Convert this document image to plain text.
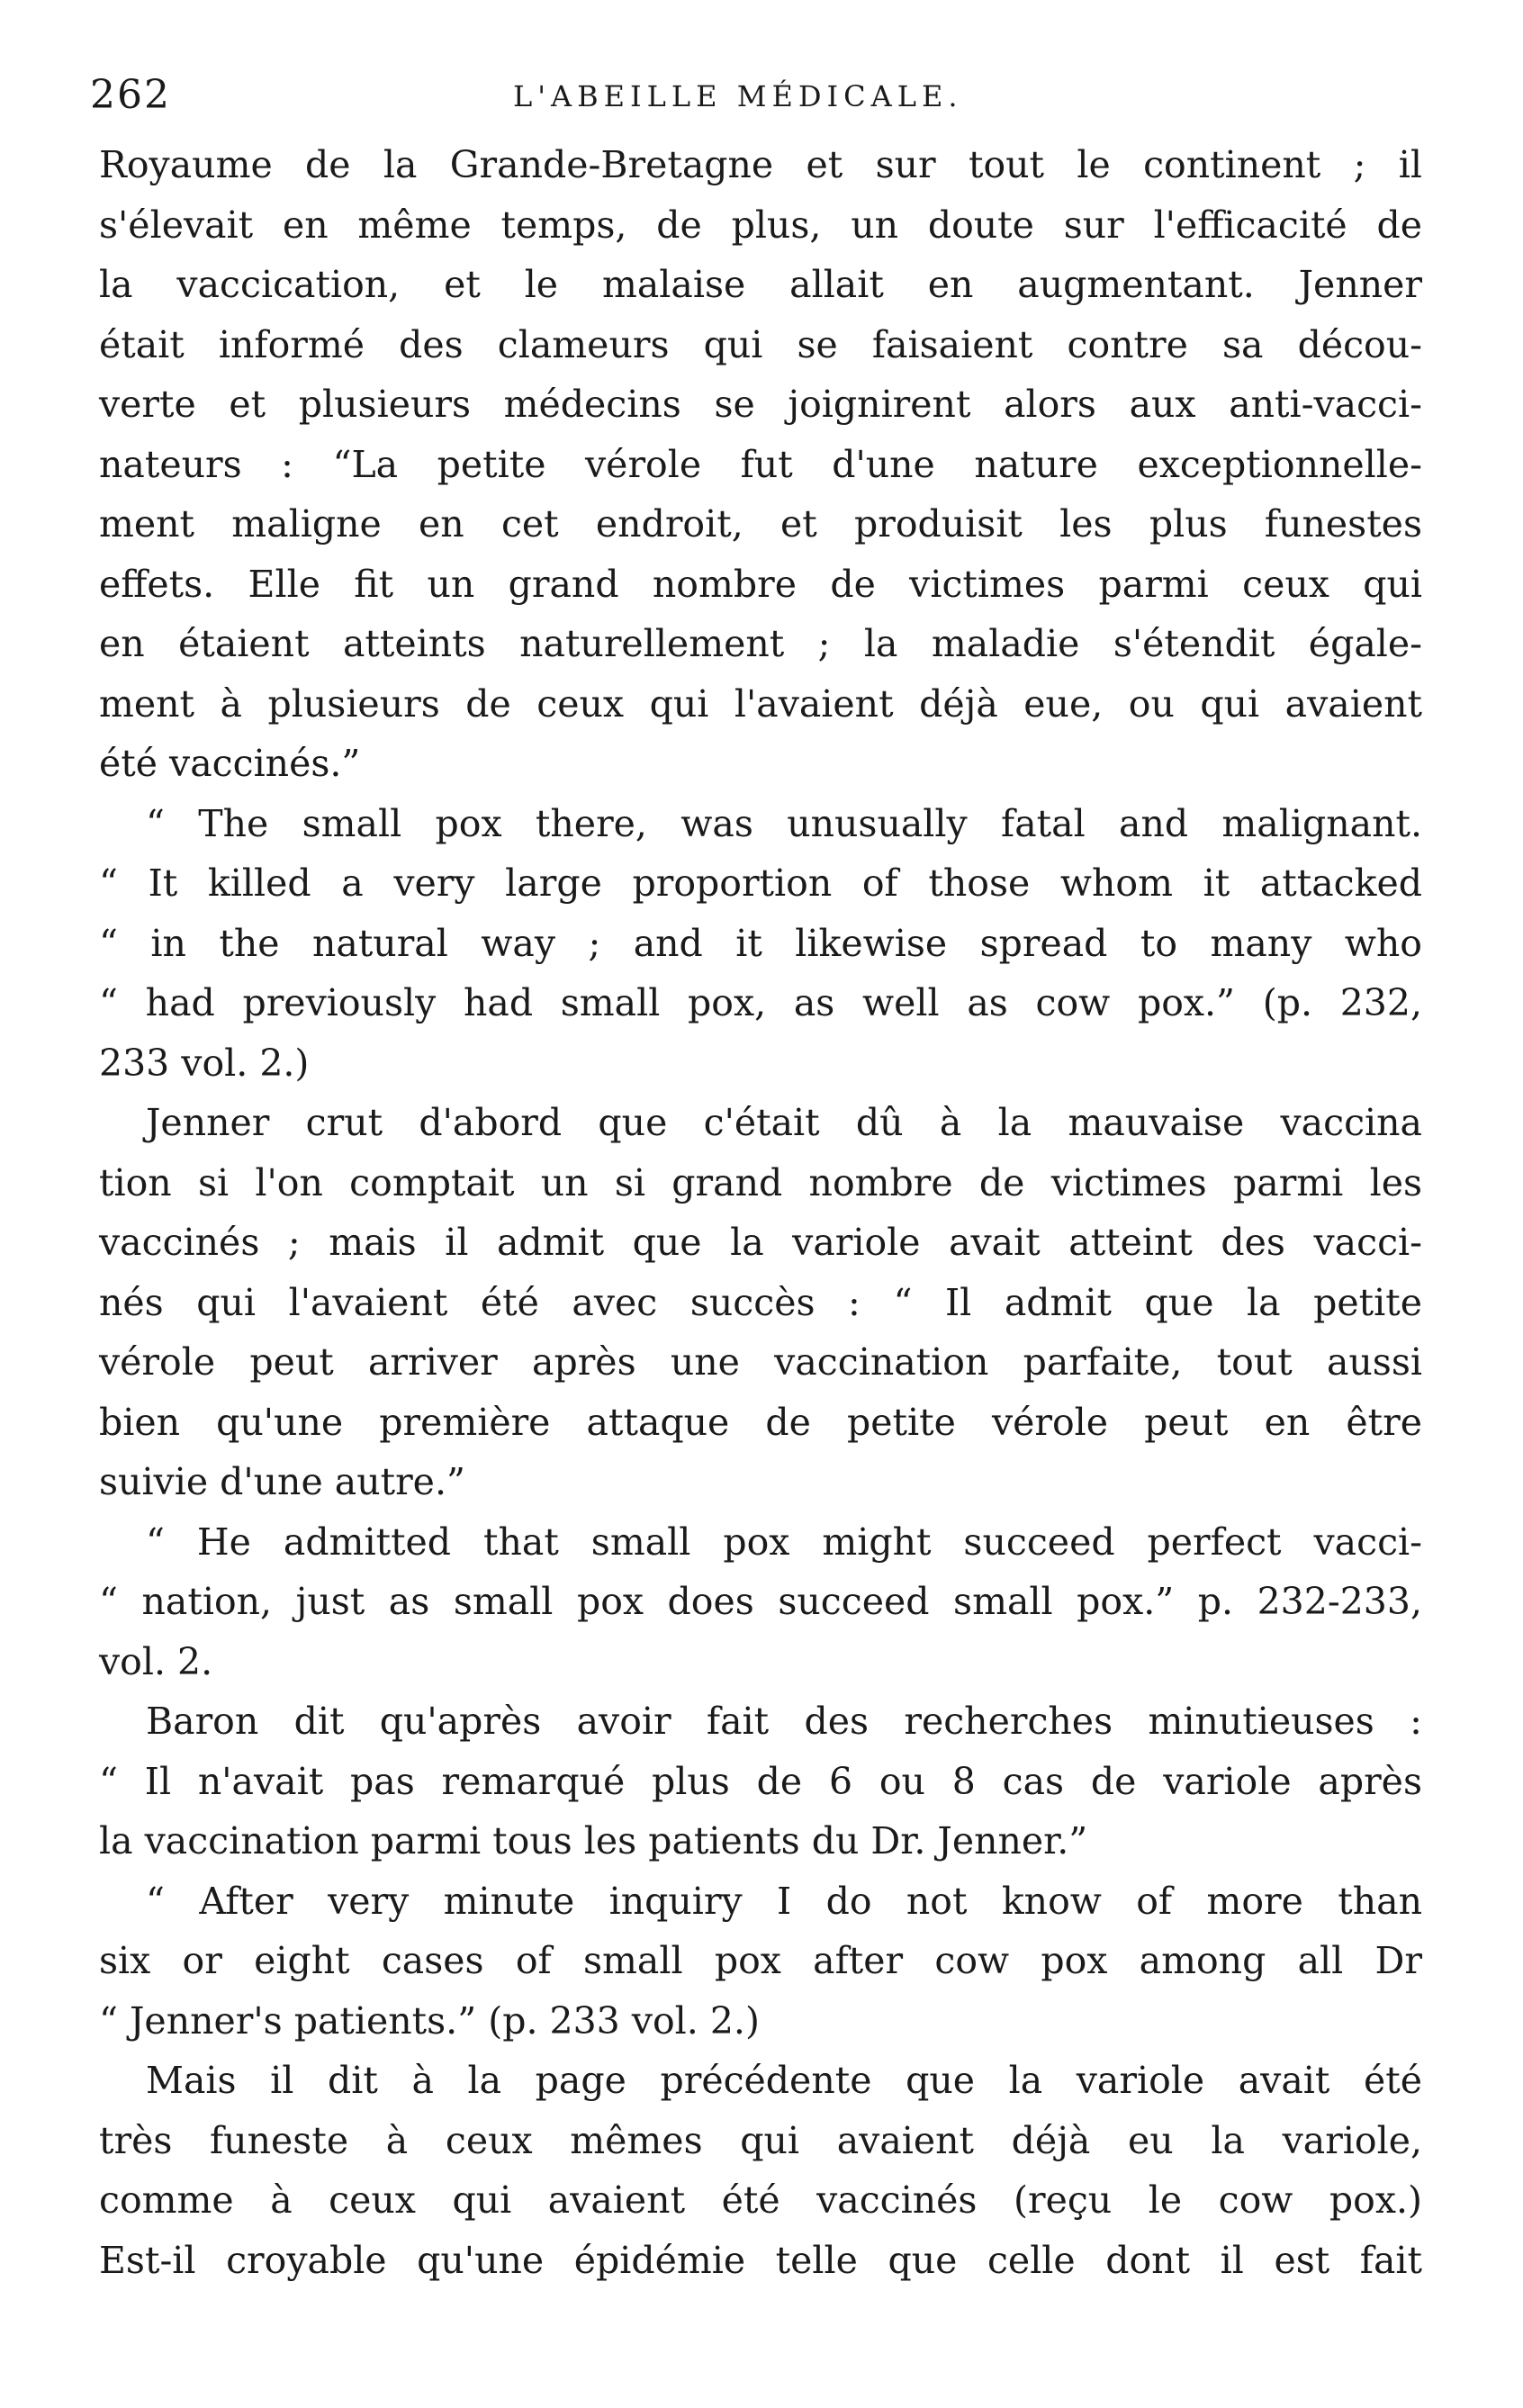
262	L'ABEILLE MÉDICALE.
Royaume de la Grande-Bretagne et sur tout le continent ; il
s'élevait en même temps, de plus, un doute sur l'efficacité de
la vaccication, et le malaise allait en augmentant. Jenner
était informé des clameurs qui se faisaient contre sa décou-
verte et plusieurs médecins se joignirent alors aux anti-vacci-
nateurs : “La petite vérole fut d'une nature exceptionnelle-
ment maligne en cet endroit, et produisit les plus funestes
effets. Elle fit un grand nombre de victimes parmi ceux qui
en étaient atteints naturellement ; la maladie s'étendit égale-
ment à plusieurs de ceux qui l'avaient déjà eue, ou qui avaient
été vaccinés.”
“ The small pox there, was unusually fatal and malignant.
“ It killed a very large proportion of those whom it attacked
“ in the natural way ; and it likewise spread to many who
“ had previously had small pox, as well as cow pox.” (p. 232,
233 vol. 2.)
Jenner crut d'abord que c'était dû à la mauvaise vaccina
tion si l'on comptait un si grand nombre de victimes parmi les
vaccinés ; mais il admit que la variole avait atteint des vacci-
nés qui l'avaient été avec succès : “ Il admit que la petite
vérole peut arriver après une vaccination parfaite, tout aussi
bien qu'une première attaque de petite vérole peut en être
suivie d'une autre.”
“ He admitted that small pox might succeed perfect vacci-
“ nation, just as small pox does succeed small pox.” p. 232-233,
vol. 2.
Baron dit qu'après avoir fait des recherches minutieuses :
“ Il n'avait pas remarqué plus de 6 ou 8 cas de variole après
la vaccination parmi tous les patients du Dr. Jenner.”
“ After very minute inquiry I do not know of more than
six or eight cases of small pox after cow pox among all Dr
“ Jenner's patients.” (p. 233 vol. 2.)
Mais il dit à la page précédente que la variole avait été
très funeste à ceux mêmes qui avaient déjà eu la variole,
comme à ceux qui avaient été vaccinés (reçu le cow pox.)
Est-il croyable qu'une épidémie telle que celle dont il est fait
